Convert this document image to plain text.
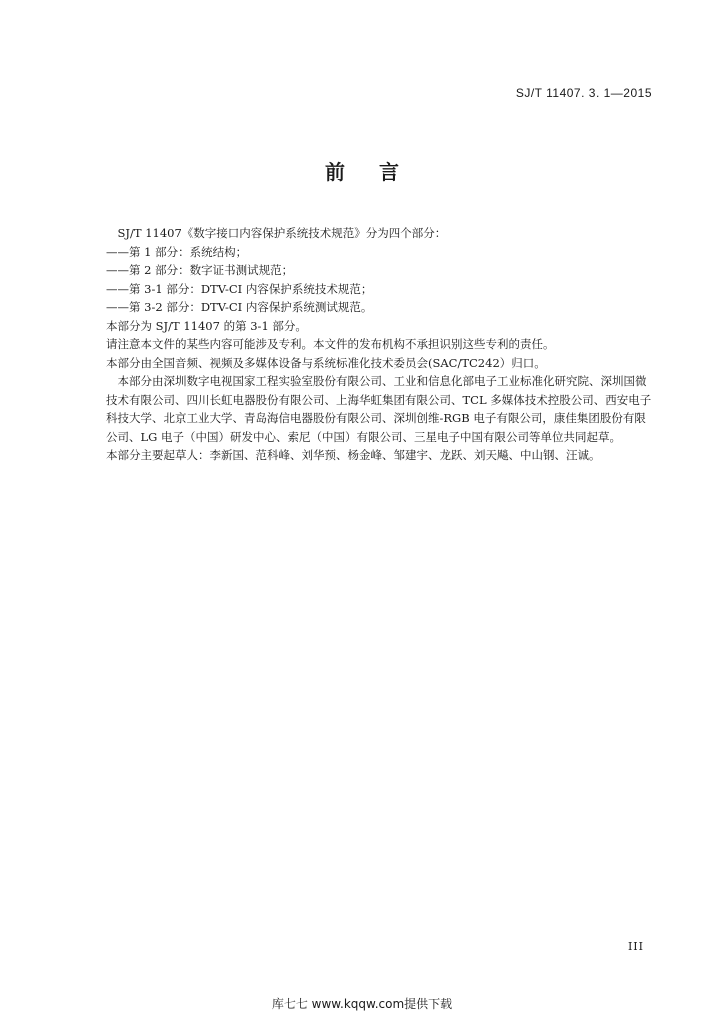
SJ/T 11407. 3. 1—2015
前言

SJ/T 11407《数字接口内容保护系统技术规范》分为四个部分：

——第 1 部分：系统结构；

——第 2 部分：数字证书测试规范；

——第 3-1 部分：DTV-CI 内容保护系统技术规范；

——第 3-2 部分：DTV-CI 内容保护系统测试规范。

本部分为 SJ/T 11407 的第 3-1 部分。

请注意本文件的某些内容可能涉及专利。本文件的发布机构不承担识别这些专利的责任。

本部分由全国音频、视频及多媒体设备与系统标准化技术委员会(SAC/TC242）归口。

本部分由深圳数字电视国家工程实验室股份有限公司、工业和信息化部电子工业标准化研究院、深圳国微技术有限公司、四川长虹电器股份有限公司、上海华虹集团有限公司、TCL 多媒体技术控股公司、西安电子科技大学、北京工业大学、青岛海信电器股份有限公司、深圳创维-RGB 电子有限公司，康佳集团股份有限公司、LG 电子（中国）研发中心、索尼（中国）有限公司、三星电子中国有限公司等单位共同起草。

本部分主要起草人：李新国、范科峰、刘华预、杨金峰、邹建宇、龙跃、刘天飚、中山钢、汪诚。

III
库七七 www.kqqw.com提供下载
